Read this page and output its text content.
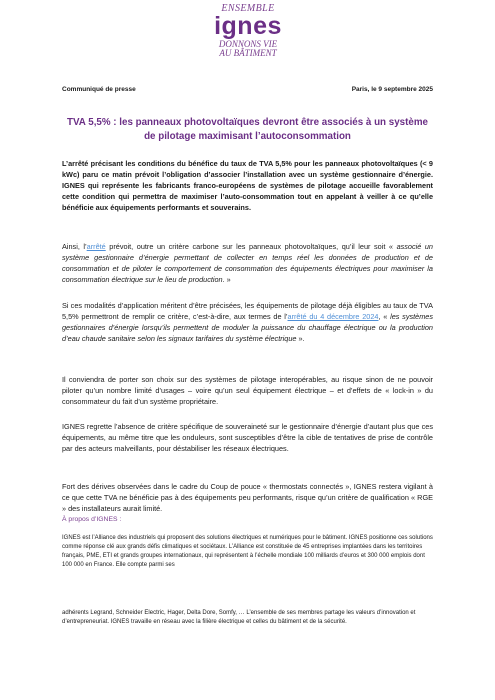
ENSEMBLE
ignes
DONNONS VIE
AU BÂTIMENT
Communiqué de presse	Paris, le 9 septembre 2025
TVA 5,5% : les panneaux photovoltaïques devront être associés à un système de pilotage maximisant l’autoconsommation

L’arrêté précisant les conditions du bénéfice du taux de TVA 5,5% pour les panneaux photovoltaïques (< 9 kWc) paru ce matin prévoit l’obligation d’associer l’installation avec un système gestionnaire d’énergie. IGNES qui représente les fabricants franco-européens de systèmes de pilotage accueille favorablement cette condition qui permettra de maximiser l’auto-consommation tout en appelant à veiller à ce qu’elle bénéficie aux équipements performants et souverains.

Ainsi, l’arrêté prévoit, outre un critère carbone sur les panneaux photovoltaïques, qu’il leur soit « associé un système gestionnaire d’énergie permettant de collecter en temps réel les données de production et de consommation et de piloter le comportement de consommation des équipements électriques pour maximiser la consommation électrique sur le lieu de production. »

Si ces modalités d’application méritent d’être précisées, les équipements de pilotage déjà éligibles au taux de TVA 5,5% permettront de remplir ce critère, c’est-à-dire, aux termes de l’arrêté du 4 décembre 2024, « les systèmes gestionnaires d’énergie lorsqu’ils permettent de moduler la puissance du chauffage électrique ou la production d’eau chaude sanitaire selon les signaux tarifaires du système électrique ».

Il conviendra de porter son choix sur des systèmes de pilotage interopérables, au risque sinon de ne pouvoir piloter qu’un nombre limité d’usages – voire qu’un seul équipement électrique – et d’effets de « lock-in » du consommateur du fait d’un système propriétaire.

IGNES regrette l’absence de critère spécifique de souveraineté sur le gestionnaire d’énergie d’autant plus que ces équipements, au même titre que les onduleurs, sont susceptibles d’être la cible de tentatives de prise de contrôle par des acteurs malveillants, pour déstabiliser les réseaux électriques.

Fort des dérives observées dans le cadre du Coup de pouce « thermostats connectés », IGNES restera vigilant à ce que cette TVA ne bénéficie pas à des équipements peu performants, risque qu’un critère de qualification « RGE » des installateurs aurait limité.

À propos d’IGNES :

IGNES est l’Alliance des industriels qui proposent des solutions électriques et numériques pour le bâtiment. IGNES positionne ces solutions comme réponse clé aux grands défis climatiques et sociétaux. L’Alliance est constituée de 45 entreprises implantées dans les territoires français, PME, ETI et grands groupes internationaux, qui représentent à l’échelle mondiale 100 milliards d’euros et 300 000 emplois dont 100 000 en France. Elle compte parmi ses

adhérents Legrand, Schneider Electric, Hager, Delta Dore, Somfy, … L’ensemble de ses membres partage les valeurs d’innovation et d’entrepreneuriat. IGNES travaille en réseau avec la filière électrique et celles du bâtiment et de la sécurité.
